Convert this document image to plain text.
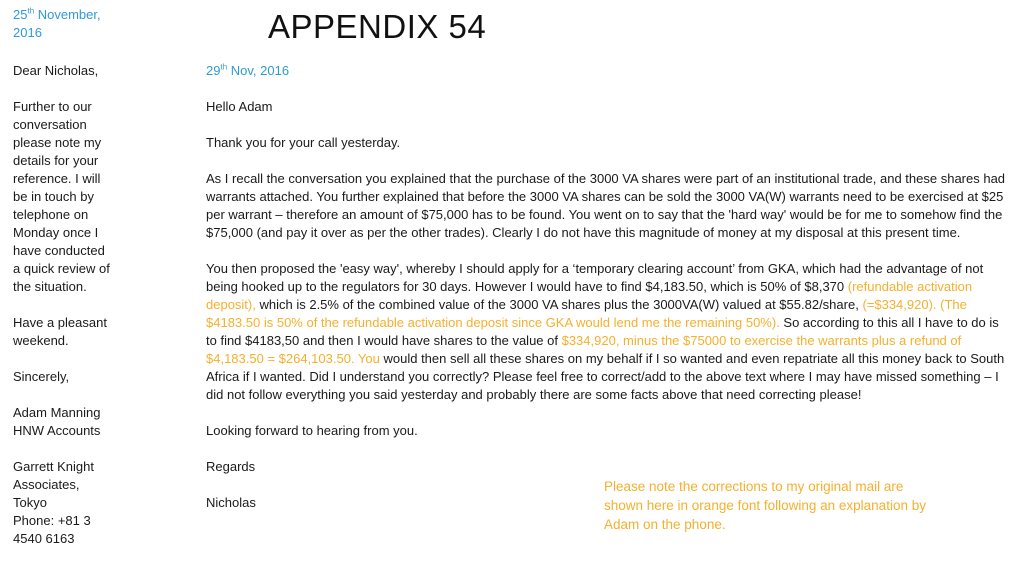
25th November,
2016	APPENDIX 54

Dear Nicholas,

Further to our
conversation
please note my
details for your
reference. I will
be in touch by
telephone on
Monday once I
have conducted
a quick review of
the situation.

Have a pleasant
weekend.

Sincerely,

Adam Manning
HNW Accounts

Garrett Knight
Associates,
Tokyo
Phone: +81 3
4540 6163

29th Nov, 2016

Hello Adam

Thank you for your call yesterday.

As I recall the conversation you explained that the purchase of the 3000 VA shares were part of an institutional trade, and these shares had warrants attached. You further explained that before the 3000 VA shares can be sold the 3000 VA(W) warrants need to be exercised at $25 per warrant – therefore an amount of $75,000 has to be found. You went on to say that the 'hard way' would be for me to somehow find the $75,000 (and pay it over as per the other trades). Clearly I do not have this magnitude of money at my disposal at this present time.

You then proposed the 'easy way', whereby I should apply for a ‘temporary clearing account’ from GKA, which had the advantage of not being hooked up to the regulators for 30 days. However I would have to find $4,183.50, which is 50% of $8,370 (refundable activation deposit), which is 2.5% of the combined value of the 3000 VA shares plus the 3000VA(W) valued at $55.82/share, (=$334,920). (The $4183.50 is 50% of the refundable activation deposit since GKA would lend me the remaining 50%). So according to this all I have to do is to find $4183,50 and then I would have shares to the value of $334,920, minus the $75000 to exercise the warrants plus a refund of $4,183.50 = $264,103.50. You would then sell all these shares on my behalf if I so wanted and even repatriate all this money back to South Africa if I wanted. Did I understand you correctly? Please feel free to correct/add to the above text where I may have missed something – I did not follow everything you said yesterday and probably there are some facts above that need correcting please!

Looking forward to hearing from you.

Regards

Nicholas

Please note the corrections to my original mail are shown here in orange font following an explanation by Adam on the phone.
